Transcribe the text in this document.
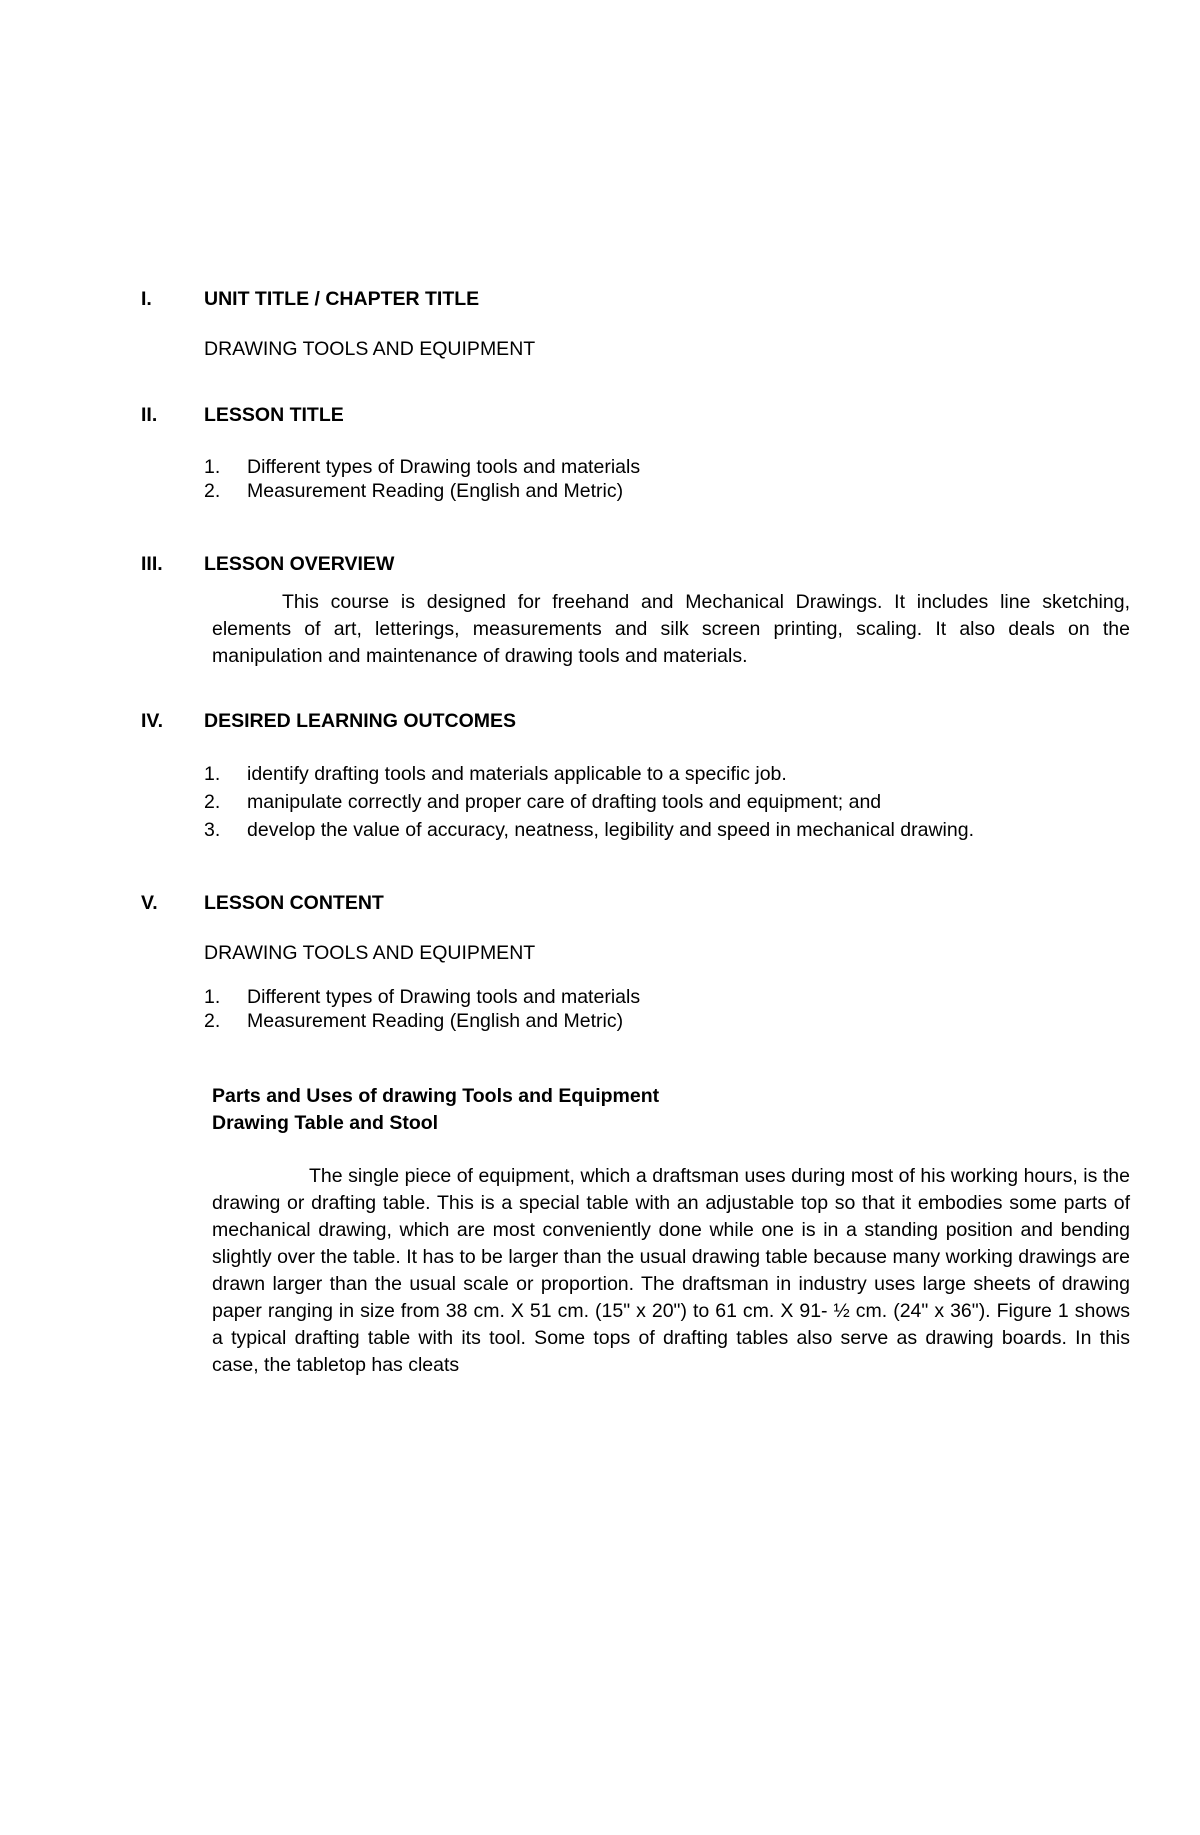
I.	UNIT TITLE / CHAPTER TITLE
DRAWING TOOLS AND EQUIPMENT
II. LESSON TITLE
1. Different types of Drawing tools and materials
2. Measurement Reading (English and Metric)
III. LESSON OVERVIEW

This course is designed for freehand and Mechanical Drawings. It includes line sketching, elements of art, letterings, measurements and silk screen printing, scaling. It also deals on the manipulation and maintenance of drawing tools and materials.

IV. DESIRED LEARNING OUTCOMES
1. identify drafting tools and materials applicable to a specific job.
2. manipulate correctly and proper care of drafting tools and equipment; and
3. develop the value of accuracy, neatness, legibility and speed in mechanical drawing.
V. LESSON CONTENT
DRAWING TOOLS AND EQUIPMENT
1. Different types of Drawing tools and materials
2. Measurement Reading (English and Metric)
Parts and Uses of drawing Tools and Equipment
Drawing Table and Stool

The single piece of equipment, which a draftsman uses during most of his working hours, is the drawing or drafting table. This is a special table with an adjustable top so that it embodies some parts of mechanical drawing, which are most conveniently done while one is in a standing position and bending slightly over the table. It has to be larger than the usual drawing table because many working drawings are drawn larger than the usual scale or proportion. The draftsman in industry uses large sheets of drawing paper ranging in size from 38 cm. X 51 cm. (15" x 20") to 61 cm. X 91- ½ cm. (24" x 36"). Figure 1 shows a typical drafting table with its tool. Some tops of drafting tables also serve as drawing boards. In this case, the tabletop has cleats
